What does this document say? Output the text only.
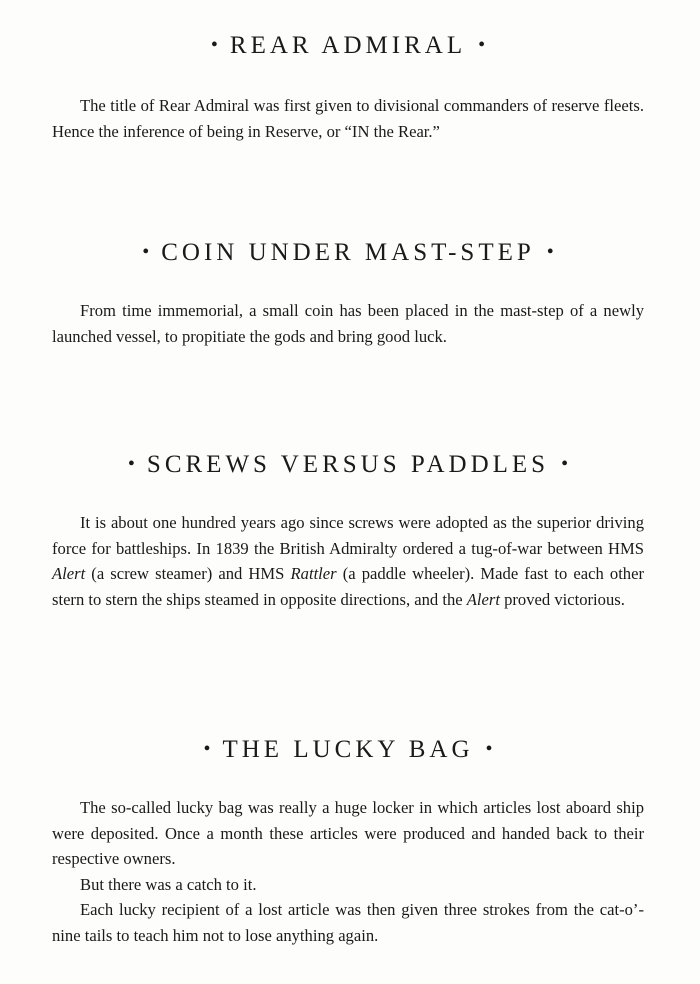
• REAR ADMIRAL •

The title of Rear Admiral was first given to divisional commanders of reserve fleets. Hence the inference of being in Reserve, or “IN the Rear.”

• COIN UNDER MAST-STEP •

From time immemorial, a small coin has been placed in the mast-step of a newly launched vessel, to propitiate the gods and bring good luck.

• SCREWS VERSUS PADDLES •

It is about one hundred years ago since screws were adopted as the superior driving force for battleships. In 1839 the British Admiralty ordered a tug-of-war between HMS Alert (a screw steamer) and HMS Rattler (a paddle wheeler). Made fast to each other stern to stern the ships steamed in opposite directions, and the Alert proved victorious.

• THE LUCKY BAG •

The so-called lucky bag was really a huge locker in which articles lost aboard ship were deposited. Once a month these articles were produced and handed back to their respective owners.

But there was a catch to it.

Each lucky recipient of a lost article was then given three strokes from the cat-o’-nine tails to teach him not to lose anything again.
